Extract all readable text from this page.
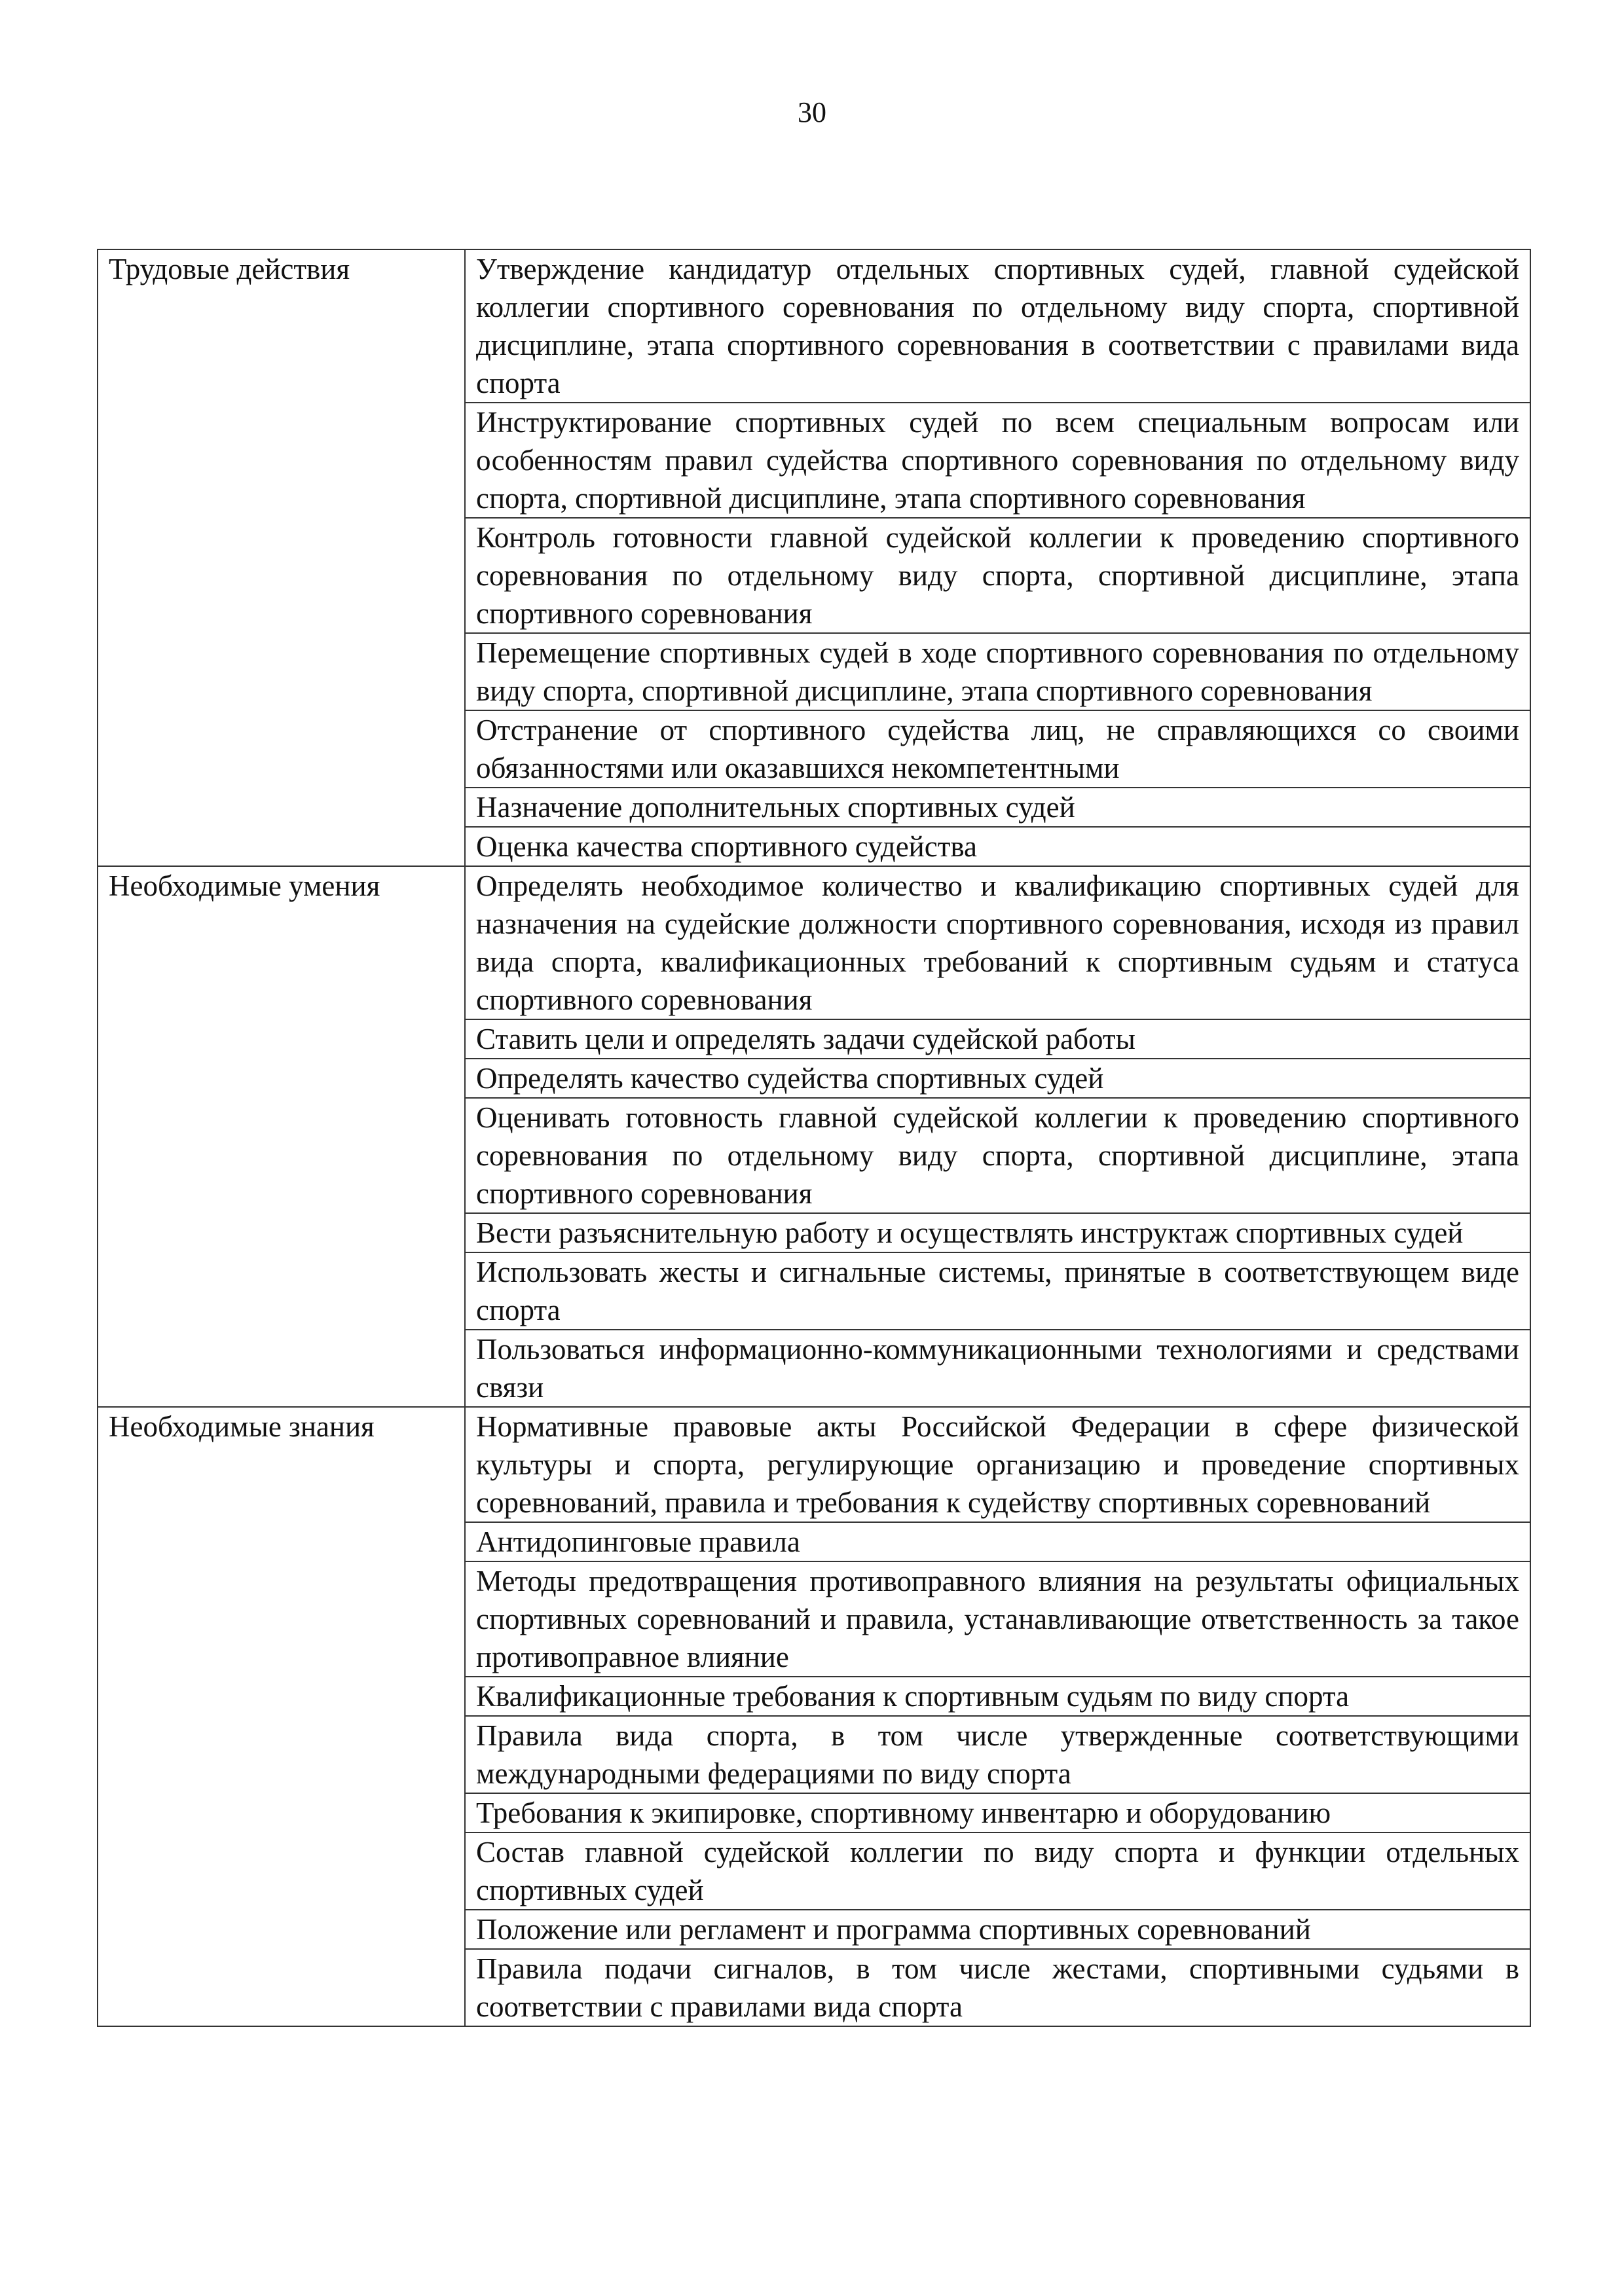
30
Трудовые действия	Утверждение кандидатур отдельных спортивных судей, главной судейской коллегии спортивного соревнования по отдельному виду спорта, спортивной дисциплине, этапа спортивного соревнования в соответствии с правилами вида спорта
	Инструктирование спортивных судей по всем специальным вопросам или особенностям правил судейства спортивного соревнования по отдельному виду спорта, спортивной дисциплине, этапа спортивного соревнования
	Контроль готовности главной судейской коллегии к проведению спортивного соревнования по отдельному виду спорта, спортивной дисциплине, этапа спортивного соревнования
	Перемещение спортивных судей в ходе спортивного соревнования по отдельному виду спорта, спортивной дисциплине, этапа спортивного соревнования
	Отстранение от спортивного судейства лиц, не справляющихся со своими обязанностями или оказавшихся некомпетентными
	Назначение дополнительных спортивных судей
	Оценка качества спортивного судейства
Необходимые умения	Определять необходимое количество и квалификацию спортивных судей для назначения на судейские должности спортивного соревнования, исходя из правил вида спорта, квалификационных требований к спортивным судьям и статуса спортивного соревнования
	Ставить цели и определять задачи судейской работы
	Определять качество судейства спортивных судей
	Оценивать готовность главной судейской коллегии к проведению спортивного соревнования по отдельному виду спорта, спортивной дисциплине, этапа спортивного соревнования
	Вести разъяснительную работу и осуществлять инструктаж спортивных судей
	Использовать жесты и сигнальные системы, принятые в соответствующем виде спорта
	Пользоваться информационно-коммуникационными технологиями и средствами связи
Необходимые знания	Нормативные правовые акты Российской Федерации в сфере физической культуры и спорта, регулирующие организацию и проведение спортивных соревнований, правила и требования к судейству спортивных соревнований
	Антидопинговые правила
	Методы предотвращения противоправного влияния на результаты официальных спортивных соревнований и правила, устанавливающие ответственность за такое противоправное влияние
	Квалификационные требования к спортивным судьям по виду спорта
	Правила вида спорта, в том числе утвержденные соответствующими международными федерациями по виду спорта
	Требования к экипировке, спортивному инвентарю и оборудованию
	Состав главной судейской коллегии по виду спорта и функции отдельных спортивных судей
	Положение или регламент и программа спортивных соревнований
	Правила подачи сигналов, в том числе жестами, спортивными судьями в соответствии с правилами вида спорта
